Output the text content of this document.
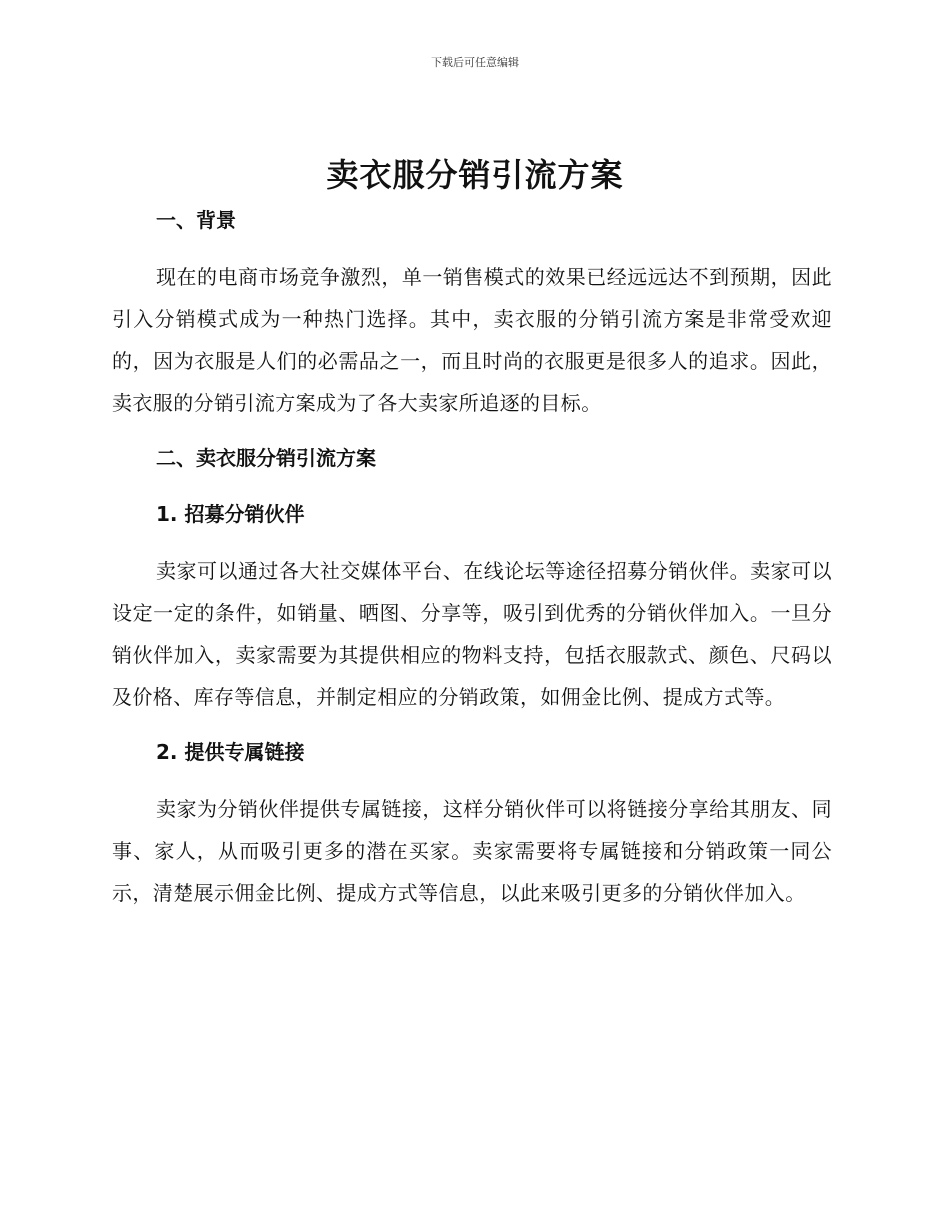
下载后可任意编辑
卖衣服分销引流方案
一、背景

现在的电商市场竞争激烈，单一销售模式的效果已经远远达不到预期，因此引入分销模式成为一种热门选择。其中，卖衣服的分销引流方案是非常受欢迎的，因为衣服是人们的必需品之一，而且时尚的衣服更是很多人的追求。因此，卖衣服的分销引流方案成为了各大卖家所追逐的目标。

二、卖衣服分销引流方案
1. 招募分销伙伴

卖家可以通过各大社交媒体平台、在线论坛等途径招募分销伙伴。卖家可以设定一定的条件，如销量、晒图、分享等，吸引到优秀的分销伙伴加入。一旦分销伙伴加入，卖家需要为其提供相应的物料支持，包括衣服款式、颜色、尺码以及价格、库存等信息，并制定相应的分销政策，如佣金比例、提成方式等。

2. 提供专属链接

卖家为分销伙伴提供专属链接，这样分销伙伴可以将链接分享给其朋友、同事、家人，从而吸引更多的潜在买家。卖家需要将专属链接和分销政策一同公示，清楚展示佣金比例、提成方式等信息，以此来吸引更多的分销伙伴加入。
